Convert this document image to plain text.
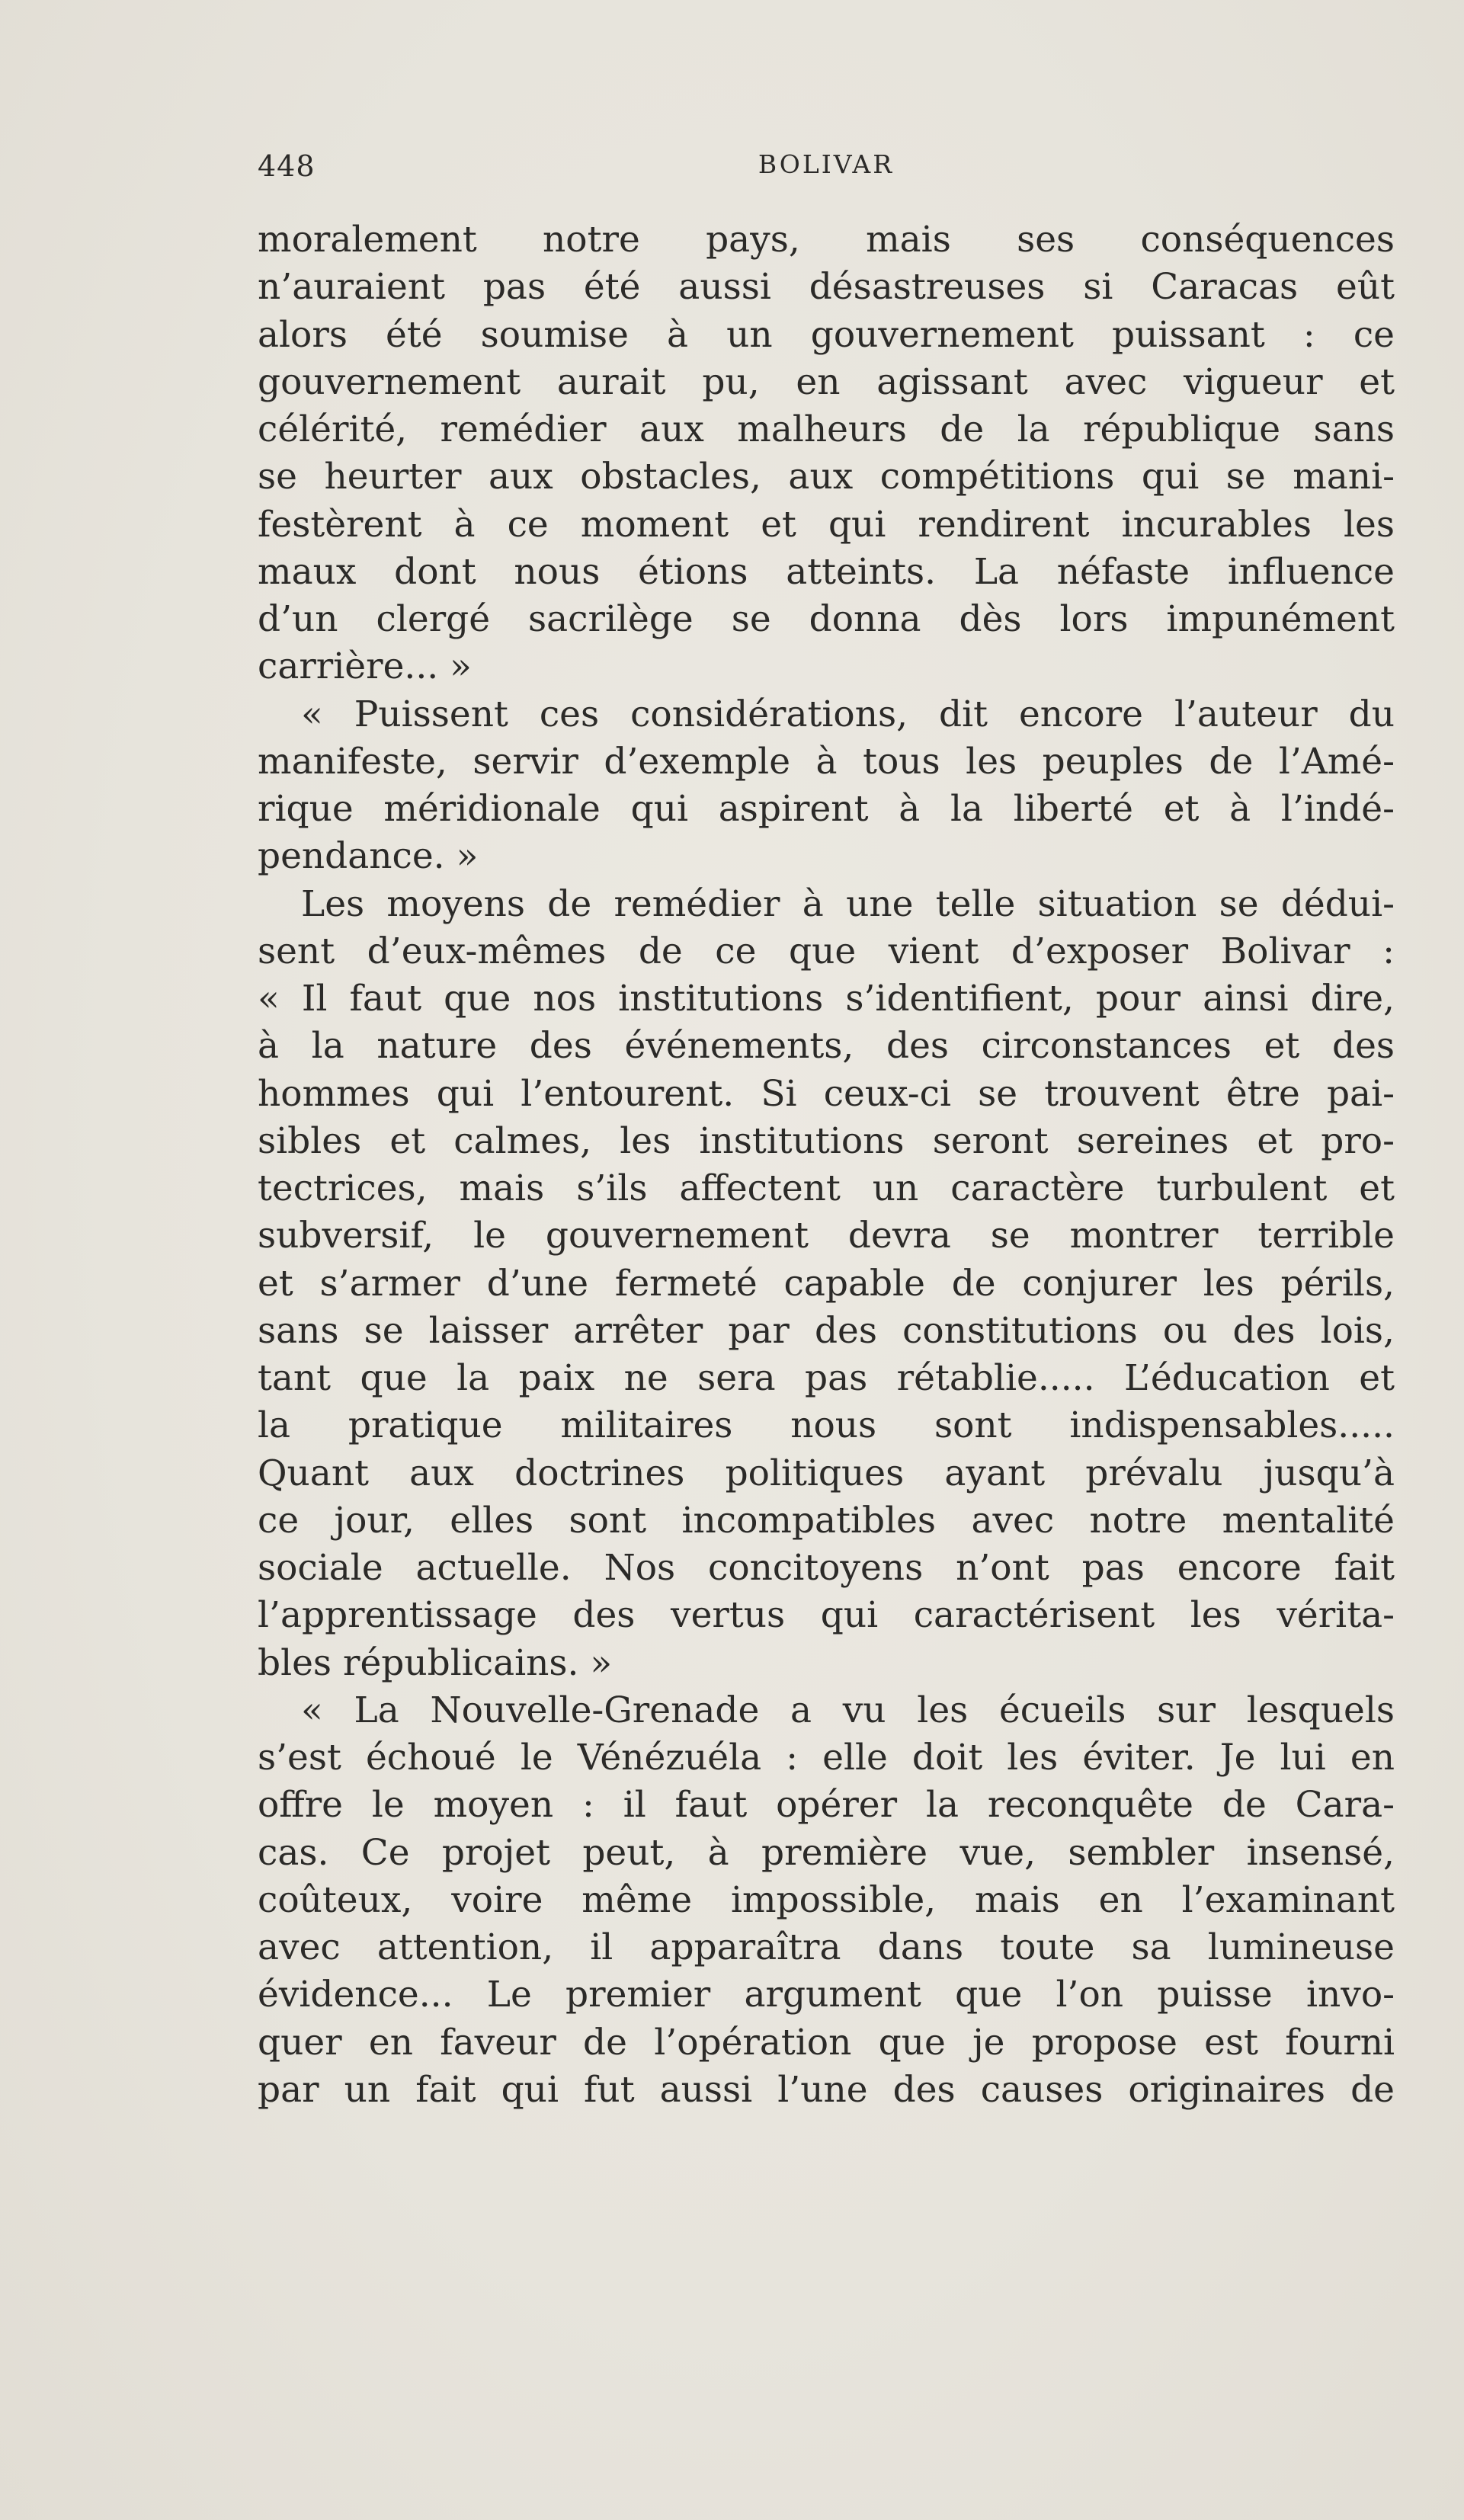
448	BOLIVAR
moralement notre pays, mais ses conséquences
n’auraient pas été aussi désastreuses si Caracas eût
alors été soumise à un gouvernement puissant : ce
gouvernement aurait pu, en agissant avec vigueur et
célérité, remédier aux malheurs de la république sans
se heurter aux obstacles, aux compétitions qui se mani-
festèrent à ce moment et qui rendirent incurables les
maux dont nous étions atteints. La néfaste influence
d’un clergé sacrilège se donna dès lors impunément
carrière... »
« Puissent ces considérations, dit encore l’auteur du
manifeste, servir d’exemple à tous les peuples de l’Amé-
rique méridionale qui aspirent à la liberté et à l’indé-
pendance. »
Les moyens de remédier à une telle situation se dédui-
sent d’eux-mêmes de ce que vient d’exposer Bolivar :
« Il faut que nos institutions s’identifient, pour ainsi dire,
à la nature des événements, des circonstances et des
hommes qui l’entourent. Si ceux-ci se trouvent être pai-
sibles et calmes, les institutions seront sereines et pro-
tectrices, mais s’ils affectent un caractère turbulent et
subversif, le gouvernement devra se montrer terrible
et s’armer d’une fermeté capable de conjurer les périls,
sans se laisser arrêter par des constitutions ou des lois,
tant que la paix ne sera pas rétablie..... L’éducation et
la pratique militaires nous sont indispensables.....
Quant aux doctrines politiques ayant prévalu jusqu’à
ce jour, elles sont incompatibles avec notre mentalité
sociale actuelle. Nos concitoyens n’ont pas encore fait
l’apprentissage des vertus qui caractérisent les vérita-
bles républicains. »
« La Nouvelle-Grenade a vu les écueils sur lesquels
s’est échoué le Vénézuéla : elle doit les éviter. Je lui en
offre le moyen : il faut opérer la reconquête de Cara-
cas. Ce projet peut, à première vue, sembler insensé,
coûteux, voire même impossible, mais en l’examinant
avec attention, il apparaîtra dans toute sa lumineuse
évidence... Le premier argument que l’on puisse invo-
quer en faveur de l’opération que je propose est fourni
par un fait qui fut aussi l’une des causes originaires de
